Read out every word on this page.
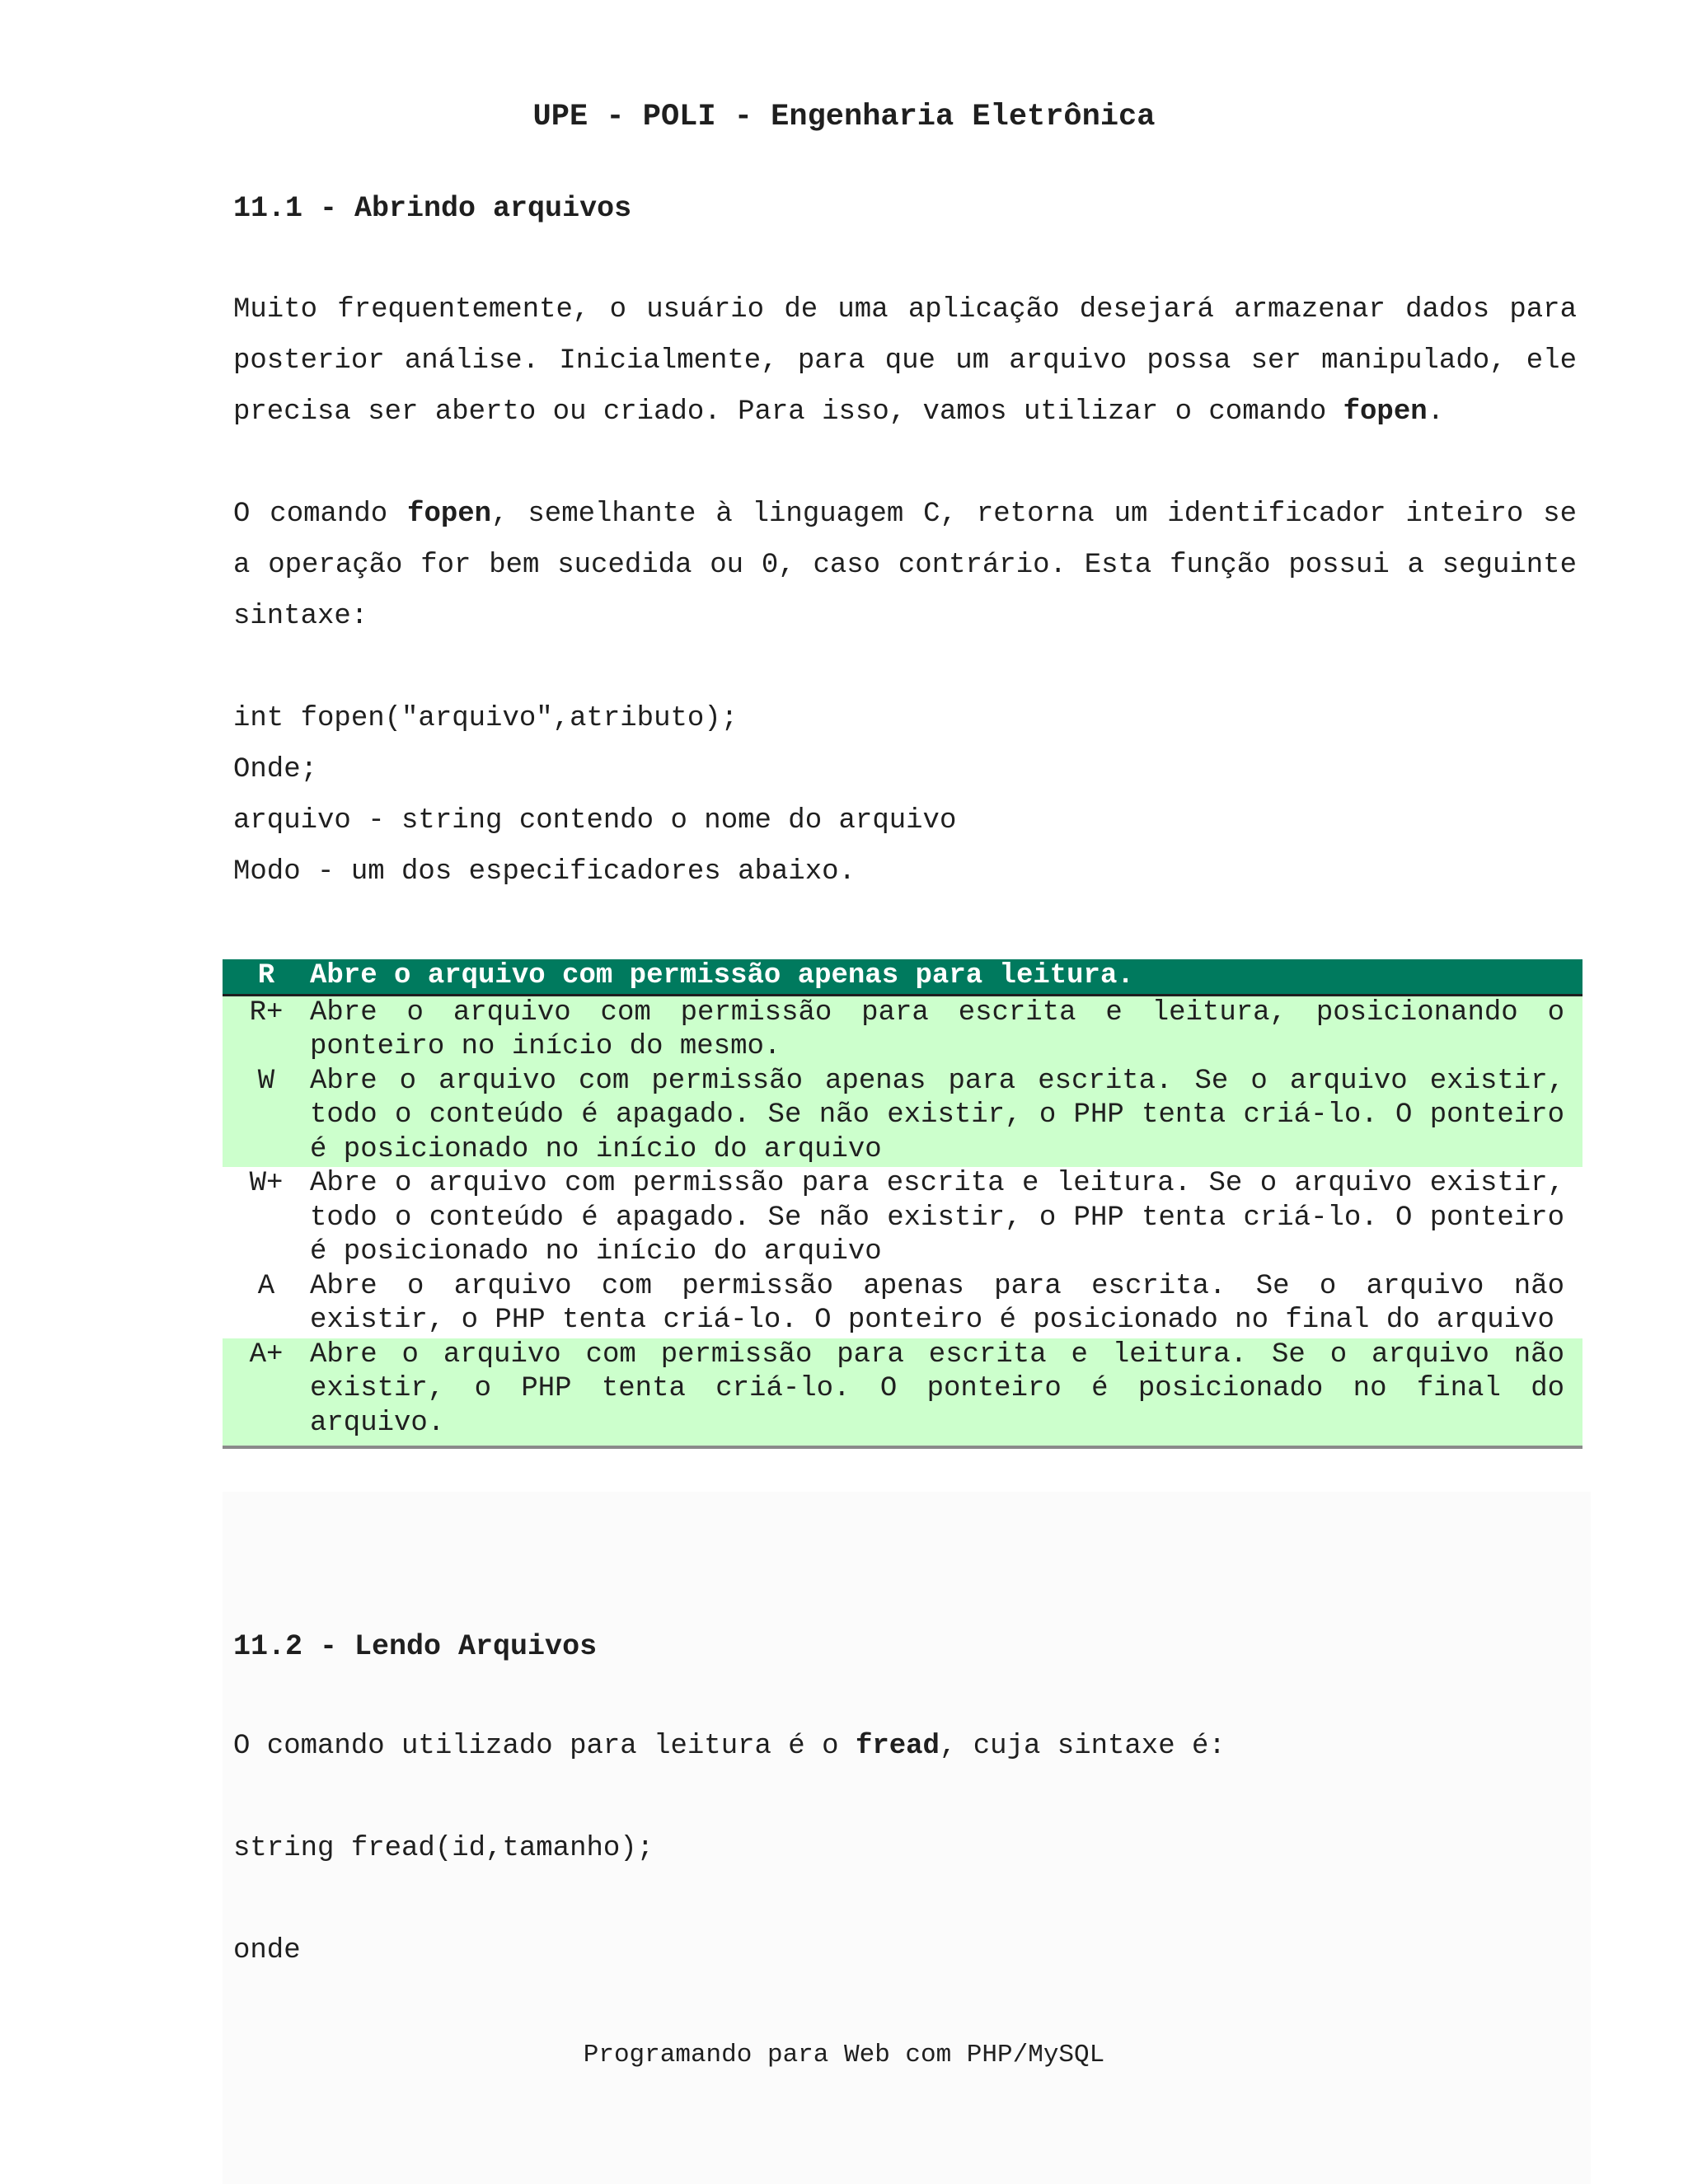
UPE - POLI - Engenharia Eletrônica
11.1 - Abrindo arquivos
Muito frequentemente, o usuário de uma aplicação desejará armazenar dados para posterior análise. Inicialmente, para que um arquivo possa ser manipulado, ele precisa ser aberto ou criado. Para isso, vamos utilizar o comando fopen.
O comando fopen, semelhante à linguagem C, retorna um identificador inteiro se a operação for bem sucedida ou 0, caso contrário. Esta função possui a seguinte sintaxe:
int fopen("arquivo",atributo);
Onde;
arquivo - string contendo o nome do arquivo
Modo - um dos especificadores abaixo.
R	Abre o arquivo com permissão apenas para leitura.
R+ Abre o arquivo com permissão para escrita e leitura, posicionando o ponteiro no início do mesmo.
W	Abre o arquivo com permissão apenas para escrita. Se o arquivo existir, todo o conteúdo é apagado. Se não existir, o PHP tenta criá-lo. O ponteiro é posicionado no início do arquivo
W+ Abre o arquivo com permissão para escrita e leitura. Se o arquivo existir, todo o conteúdo é apagado. Se não existir, o PHP tenta criá-lo. O ponteiro é posicionado no início do arquivo
A	Abre o arquivo com permissão apenas para escrita. Se o arquivo não existir, o PHP tenta criá-lo. O ponteiro é posicionado no final do arquivo
A+ Abre o arquivo com permissão para escrita e leitura. Se o arquivo não existir, o PHP tenta criá-lo. O ponteiro é posicionado no final do arquivo.
11.2 - Lendo Arquivos
O comando utilizado para leitura é o fread, cuja sintaxe é:
string fread(id,tamanho);
onde
Programando para Web com PHP/MySQL
